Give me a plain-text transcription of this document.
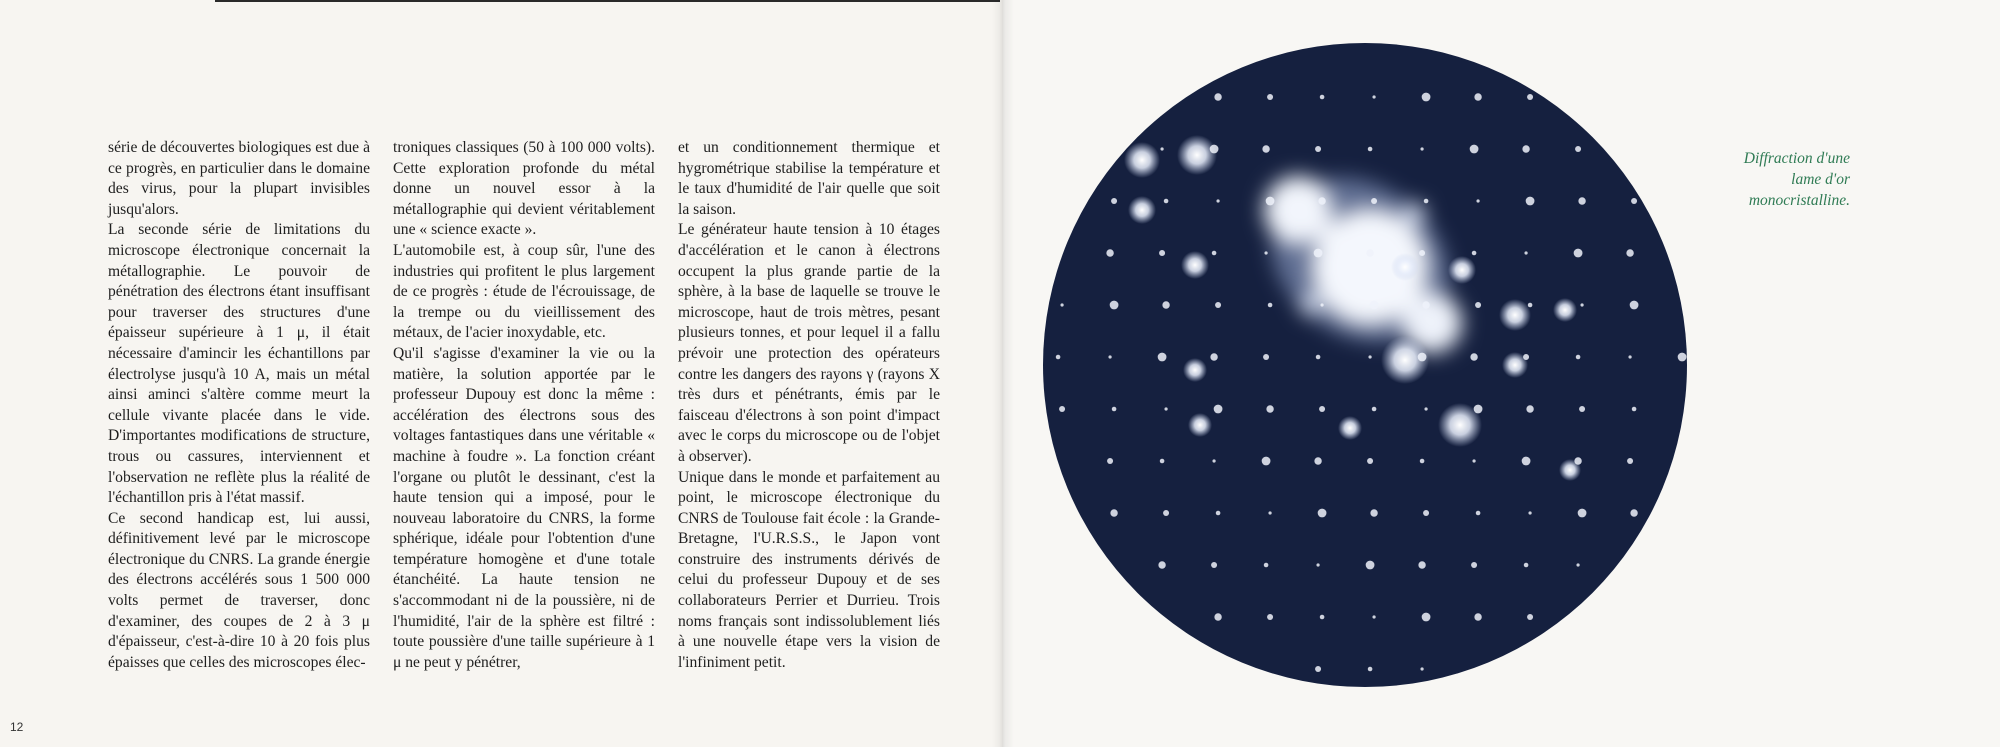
série de découvertes biologiques est due à ce progrès, en particulier dans le domaine des virus, pour la plupart invisibles jusqu'alors.

La seconde série de limitations du microscope électronique concernait la métallographie. Le pouvoir de pénétration des électrons étant insuffisant pour traverser des structures d'une épaisseur supérieure à 1 μ, il était nécessaire d'amincir les échantillons par électrolyse jusqu'à 10 A, mais un métal ainsi aminci s'altère comme meurt la cellule vivante placée dans le vide. D'importantes modifications de structure, trous ou cassures, interviennent et l'observation ne reflète plus la réalité de l'échantillon pris à l'état massif.

Ce second handicap est, lui aussi, définitivement levé par le microscope électronique du CNRS. La grande énergie des électrons accélérés sous 1 500 000 volts permet de traverser, donc d'examiner, des coupes de 2 à 3 μ d'épaisseur, c'est-à-dire 10 à 20 fois plus épaisses que celles des microscopes élec-

troniques classiques (50 à 100 000 volts). Cette exploration profonde du métal donne un nouvel essor à la métallographie qui devient véritablement une « science exacte ».

L'automobile est, à coup sûr, l'une des industries qui profitent le plus largement de ce progrès : étude de l'écrouissage, de la trempe ou du vieillissement des métaux, de l'acier inoxydable, etc.

Qu'il s'agisse d'examiner la vie ou la matière, la solution apportée par le professeur Dupouy est donc la même : accélération des électrons sous des voltages fantastiques dans une véritable « machine à foudre ». La fonction créant l'organe ou plutôt le dessinant, c'est la haute tension qui a imposé, pour le nouveau laboratoire du CNRS, la forme sphérique, idéale pour l'obtention d'une température homogène et d'une totale étanchéité. La haute tension ne s'accommodant ni de la poussière, ni de l'humidité, l'air de la sphère est filtré : toute poussière d'une taille supérieure à 1 μ ne peut y pénétrer,

et un conditionnement thermique et hygrométrique stabilise la température et le taux d'humidité de l'air quelle que soit la saison.

Le générateur haute tension à 10 étages d'accélération et le canon à électrons occupent la plus grande partie de la sphère, à la base de laquelle se trouve le microscope, haut de trois mètres, pesant plusieurs tonnes, et pour lequel il a fallu prévoir une protection des opérateurs contre les dangers des rayons γ (rayons X très durs et pénétrants, émis par le faisceau d'électrons à son point d'impact avec le corps du microscope ou de l'objet à observer).

Unique dans le monde et parfaitement au point, le microscope électronique du CNRS de Toulouse fait école : la Grande-Bretagne, l'U.R.S.S., le Japon vont construire des instruments dérivés de celui du professeur Dupouy et de ses collaborateurs Perrier et Durrieu. Trois noms français sont indissolublement liés à une nouvelle étape vers la vision de l'infiniment petit.

12
Diffraction d'une
lame d'or
monocristalline.
